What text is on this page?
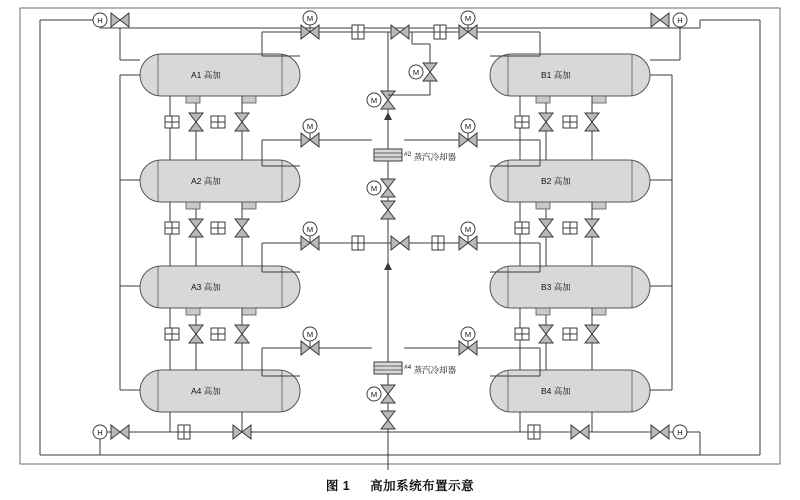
M	M
M
M
M	M
M
M	M
M	M
M
H	H
H	H
A1 高加
A2 高加
A3 高加
A4 高加
B1 高加
B2 高加
B3 高加
B4 高加
$^{\#2}$ 蒸汽冷却器
$^{\#4}$ 蒸汽冷却器
图 1 高加系统布置示意
